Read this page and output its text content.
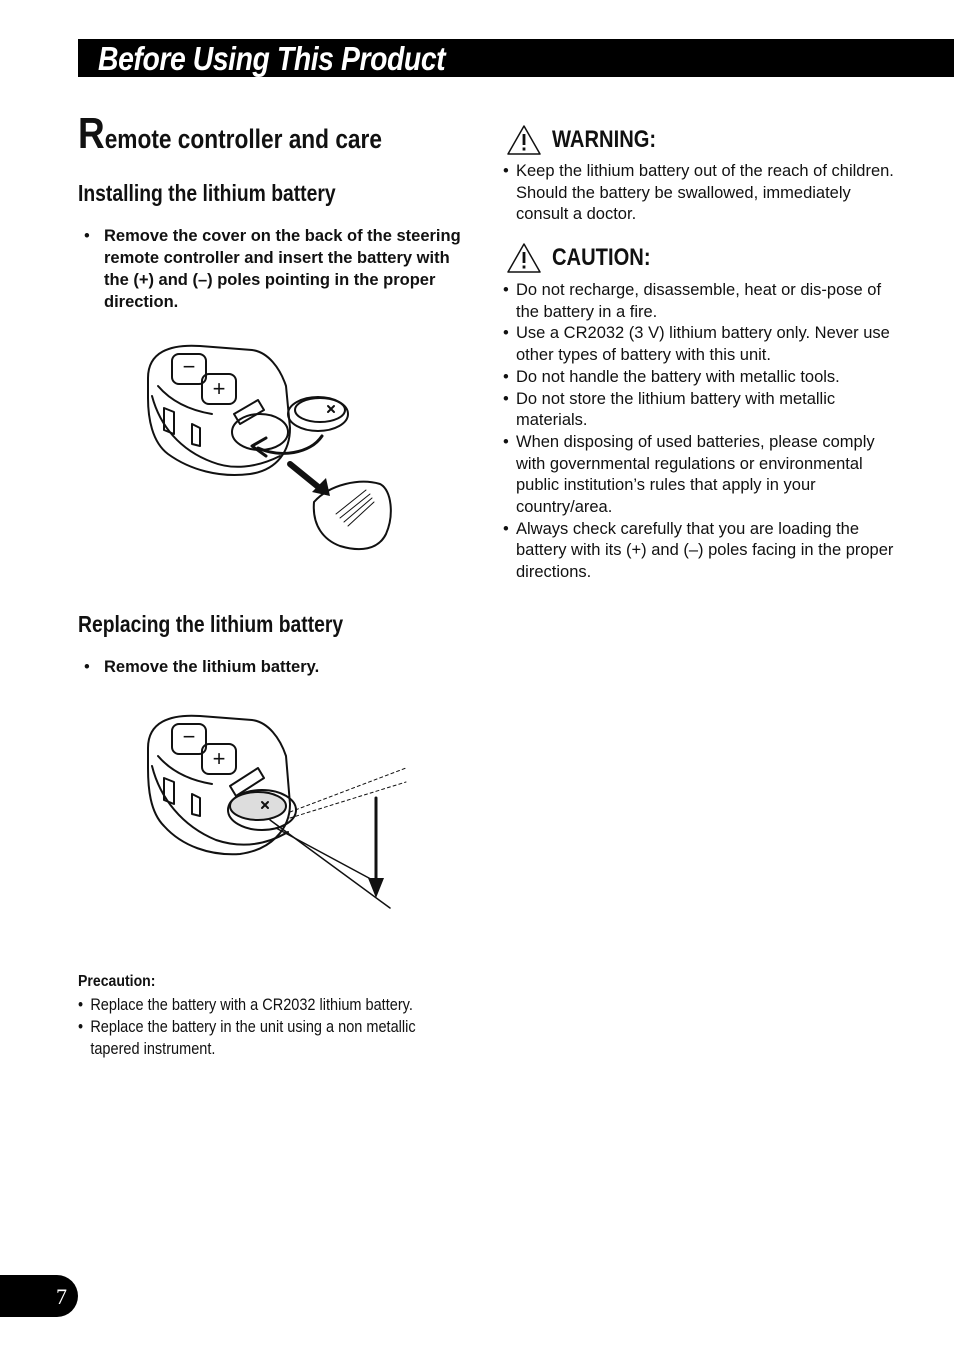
Before Using This Product
Remote controller and care
Installing the lithium battery
• Remove the cover on the back of the steering remote controller and insert the battery with the (+) and (–) poles pointing in the proper direction.
−
+
Replacing the lithium battery
• Remove the lithium battery.
−
+
Precaution:
• Replace the battery with a CR2032 lithium battery.
• Replace the battery in the unit using a non metallic tapered instrument.
WARNING:
• Keep the lithium battery out of the reach of children. Should the battery be swallowed, immediately consult a doctor.
CAUTION:
• Do not recharge, disassemble, heat or dis-pose of the battery in a fire.
• Use a CR2032 (3 V) lithium battery only. Never use other types of battery with this unit.
• Do not handle the battery with metallic tools.
• Do not store the lithium battery with metallic materials.
• When disposing of used batteries, please comply with governmental regulations or environmental public institution’s rules that apply in your country/area.
• Always check carefully that you are loading the battery with its (+) and (–) poles facing in the proper directions.
7
